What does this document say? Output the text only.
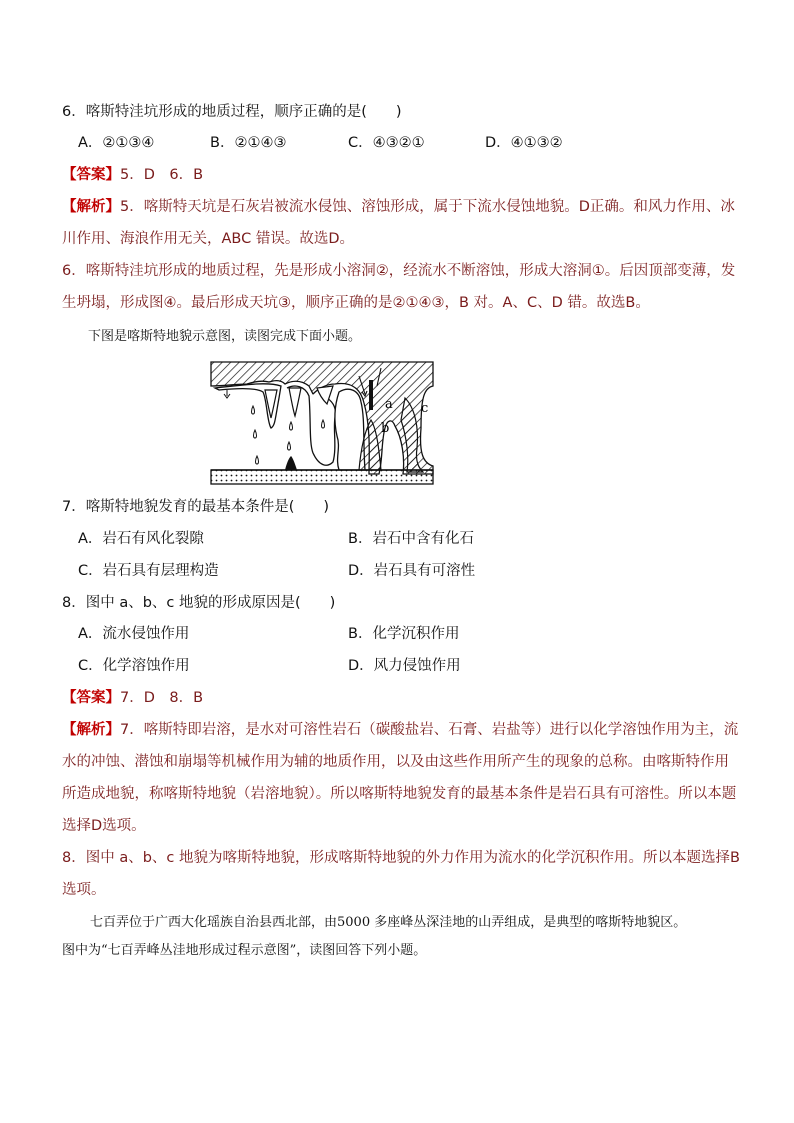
6．喀斯特洼坑形成的地质过程，顺序正确的是(　　)
A．②①③④	B．②①④③	C．④③②①	D．④①③②
【答案】5．D　6．B
【解析】5．喀斯特天坑是石灰岩被流水侵蚀、溶蚀形成，属于下流水侵蚀地貌。D正确。和风力作用、冰
川作用、海浪作用无关，ABC 错误。故选D。
6．喀斯特洼坑形成的地质过程，先是形成小溶洞②，经流水不断溶蚀，形成大溶洞①。后因顶部变薄，发
生坍塌，形成图④。最后形成天坑③，顺序正确的是②①④③，B 对。A、C、D 错。故选B。
下图是喀斯特地貌示意图，读图完成下面小题。
a
b
c
7．喀斯特地貌发育的最基本条件是(　　)
A．岩石有风化裂隙	B．岩石中含有化石
C．岩石具有层理构造	D．岩石具有可溶性
8．图中 a、b、c 地貌的形成原因是(　　)
A．流水侵蚀作用	B．化学沉积作用
C．化学溶蚀作用	D．风力侵蚀作用
【答案】7．D　8．B
【解析】7．喀斯特即岩溶，是水对可溶性岩石（碳酸盐岩、石膏、岩盐等）进行以化学溶蚀作用为主，流
水的冲蚀、潜蚀和崩塌等机械作用为辅的地质作用，以及由这些作用所产生的现象的总称。由喀斯特作用
所造成地貌，称喀斯特地貌（岩溶地貌）。所以喀斯特地貌发育的最基本条件是岩石具有可溶性。所以本题
选择D选项。
8．图中 a、b、c 地貌为喀斯特地貌，形成喀斯特地貌的外力作用为流水的化学沉积作用。所以本题选择B
选项。
七百弄位于广西大化瑶族自治县西北部，由5000 多座峰丛深洼地的山弄组成，是典型的喀斯特地貌区。
图中为“七百弄峰丛洼地形成过程示意图”，读图回答下列小题。
